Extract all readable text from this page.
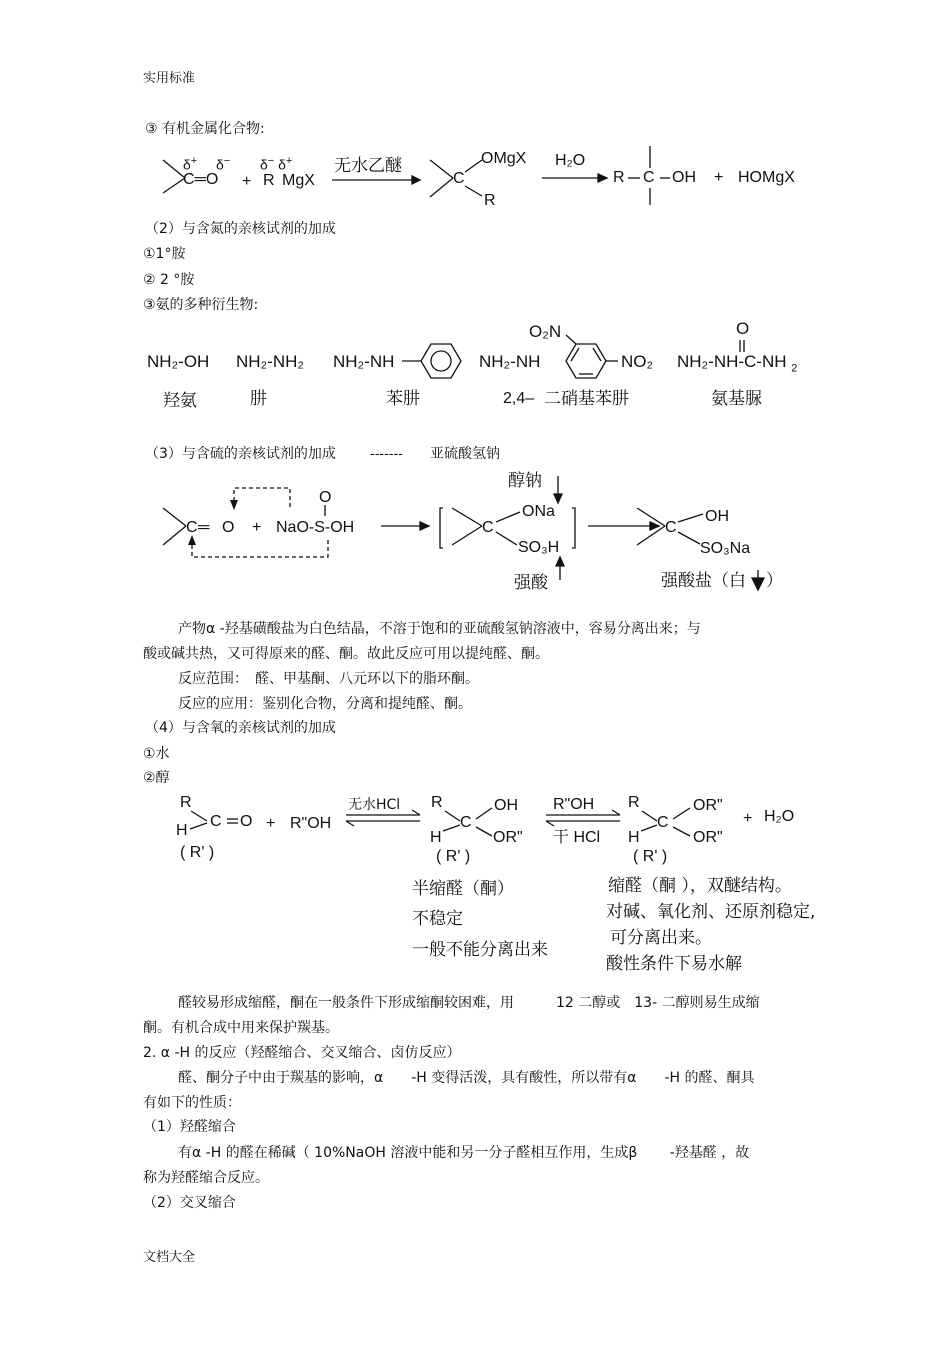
实用标准
文档大全
③ 有机金属化合物:
δ+ δ−
C═O +
δ− δ+
R MgX
无水乙醚	OMgX
C
R
H₂O
R C OH + HOMgX
（2）与含氮的亲核试剂的加成
①1°胺
② 2 °胺
③氨的多种衍生物:
NH₂-OH NH₂-NH₂ NH₂-NH
O₂N
NH₂-NH	NO₂
O
NH₂-NH-C-NH $_2$
羟氨	肼	苯肼	2,4– 二硝基苯肼	氨基脲
（3）与含硫的亲核试剂的加成	------- 亚硫酸氢钠
C ═ O +
O
NaO-S-OH
醇钠
C
ONa
SO₃H
强酸
C
OH
SO₃Na
强酸盐（白 ）
产物α -羟基磺酸盐为白色结晶，不溶于饱和的亚硫酸氢钠溶液中，容易分离出来；与
酸或碱共热，又可得原来的醛、酮。故此反应可用以提纯醛、酮。
反应范围：　醛、甲基酮、八元环以下的脂环酮。
反应的应用：鉴别化合物，分离和提纯醛、酮。
（4）与含氧的亲核试剂的加成
①水
②醇
R
H
C O
( R' )
+ R"OH
无水HCl R
C
OH
H	OR"
( R' )
R"OH
干 HCl
R
C
OR"
H	OR"
( R' )
+ H₂O
半缩醛（酮）
不稳定
一般不能分离出来
缩醛（酮 ），双醚结构。
对碱、氧化剂、还原剂稳定,
可分离出来。
酸性条件下易水解
醛较易形成缩醛，酮在一般条件下形成缩酮较困难，用　　　12 二醇或　13- 二醇则易生成缩
酮。有机合成中用来保护羰基。
2. α -H 的反应（羟醛缩合、交叉缩合、卤仿反应）
醛、酮分子中由于羰基的影响，α　　-H 变得活泼，具有酸性，所以带有α　　-H 的醛、酮具
有如下的性质：
（1）羟醛缩合
有α -H 的醛在稀碱（ 10%NaOH 溶液中能和另一分子醛相互作用，生成β　　 -羟基醛 ，故
称为羟醛缩合反应。
（2）交叉缩合
